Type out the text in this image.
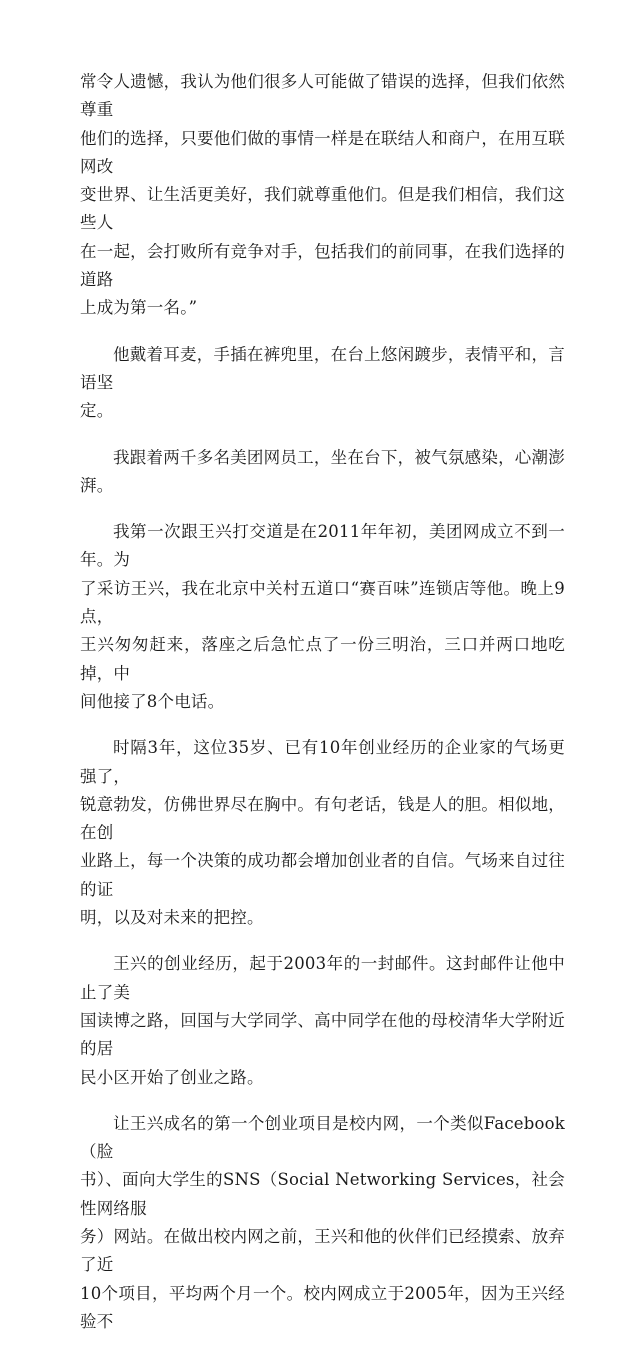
常令人遗憾，我认为他们很多人可能做了错误的选择，但我们依然尊重
他们的选择，只要他们做的事情一样是在联结人和商户，在用互联网改
变世界、让生活更美好，我们就尊重他们。但是我们相信，我们这些人
在一起，会打败所有竞争对手，包括我们的前同事，在我们选择的道路
上成为第一名。”

他戴着耳麦，手插在裤兜里，在台上悠闲踱步，表情平和，言语坚
定。

我跟着两千多名美团网员工，坐在台下，被气氛感染，心潮澎湃。

我第一次跟王兴打交道是在2011年年初，美团网成立不到一年。为
了采访王兴，我在北京中关村五道口“赛百味”连锁店等他。晚上9点，
王兴匆匆赶来，落座之后急忙点了一份三明治，三口并两口地吃掉，中
间他接了8个电话。

时隔3年，这位35岁、已有10年创业经历的企业家的气场更强了，
锐意勃发，仿佛世界尽在胸中。有句老话，钱是人的胆。相似地，在创
业路上，每一个决策的成功都会增加创业者的自信。气场来自过往的证
明，以及对未来的把控。

王兴的创业经历，起于2003年的一封邮件。这封邮件让他中止了美
国读博之路，回国与大学同学、高中同学在他的母校清华大学附近的居
民小区开始了创业之路。

让王兴成名的第一个创业项目是校内网，一个类似Facebook（脸
书）、面向大学生的SNS（Social Networking Services，社会性网络服
务）网站。在做出校内网之前，王兴和他的伙伴们已经摸索、放弃了近
10个项目，平均两个月一个。校内网成立于2005年，因为王兴经验不
